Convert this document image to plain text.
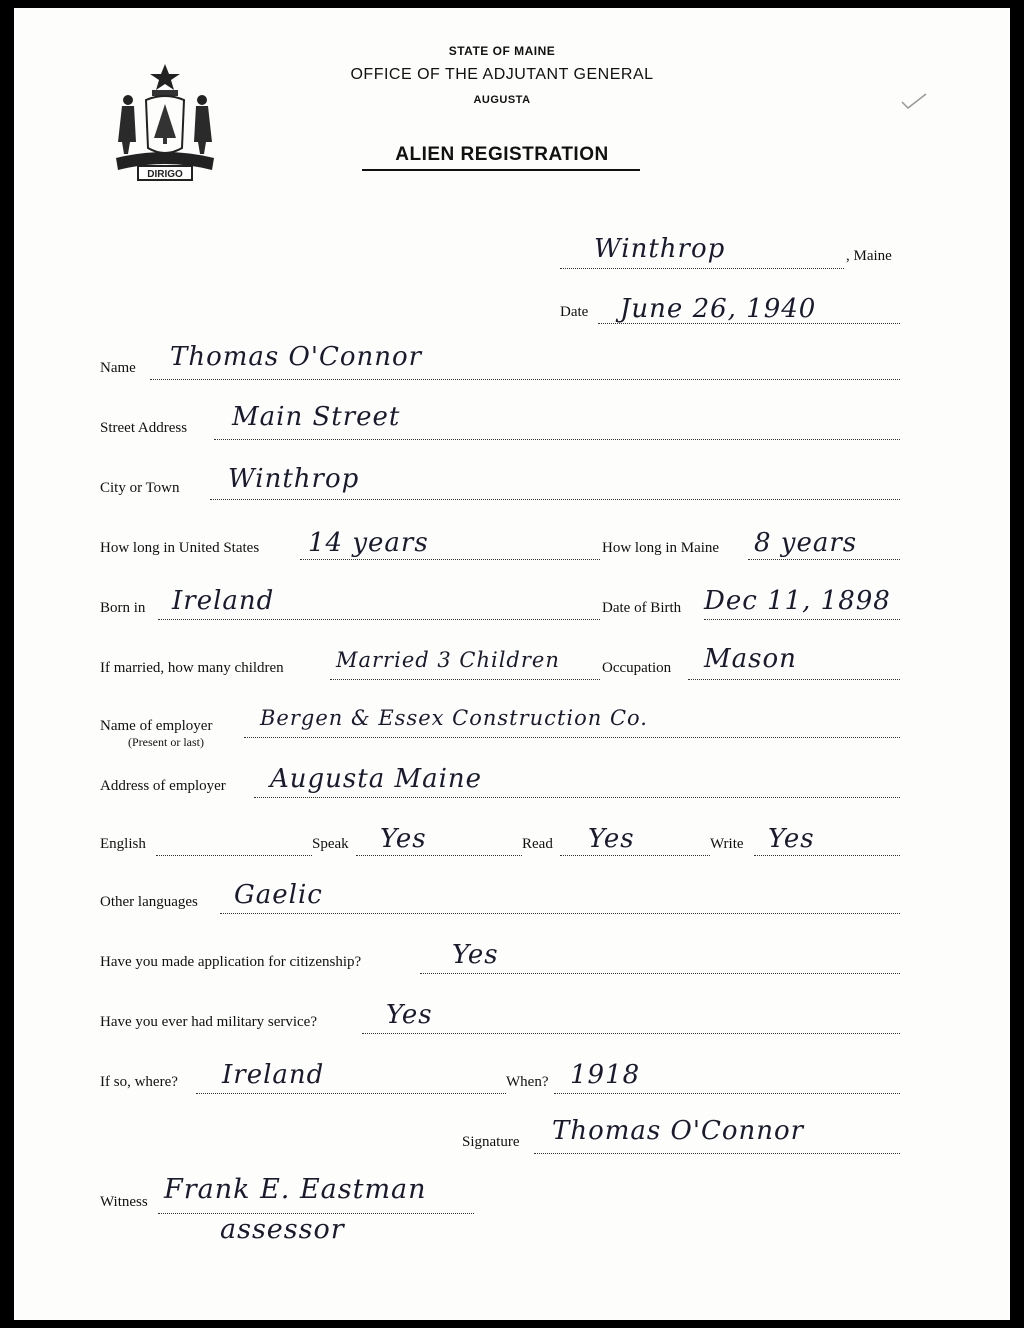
DIRIGO
STATE OF MAINE
OFFICE OF THE ADJUTANT GENERAL
AUGUSTA
ALIEN REGISTRATION
Winthrop	, Maine
Date June 26, 1940
Name Thomas O'Connor
Street Address Main Street
City or Town Winthrop
How long in United States 14 years	How long in Maine 8 years
Born in Ireland	Date of Birth Dec 11, 1898
If married, how many children Married 3 Children	Occupation Mason
Name of employer
(Present or last)
Bergen & Essex Construction Co.
Address of employer Augusta Maine
English	Speak Yes	Read Yes	Write Yes
Other languages Gaelic
Have you made application for citizenship?	Yes
Have you ever had military service?	Yes
If so, where? Ireland	When? 1918
Signature Thomas O'Connor
Witness Frank E. Eastman
assessor
